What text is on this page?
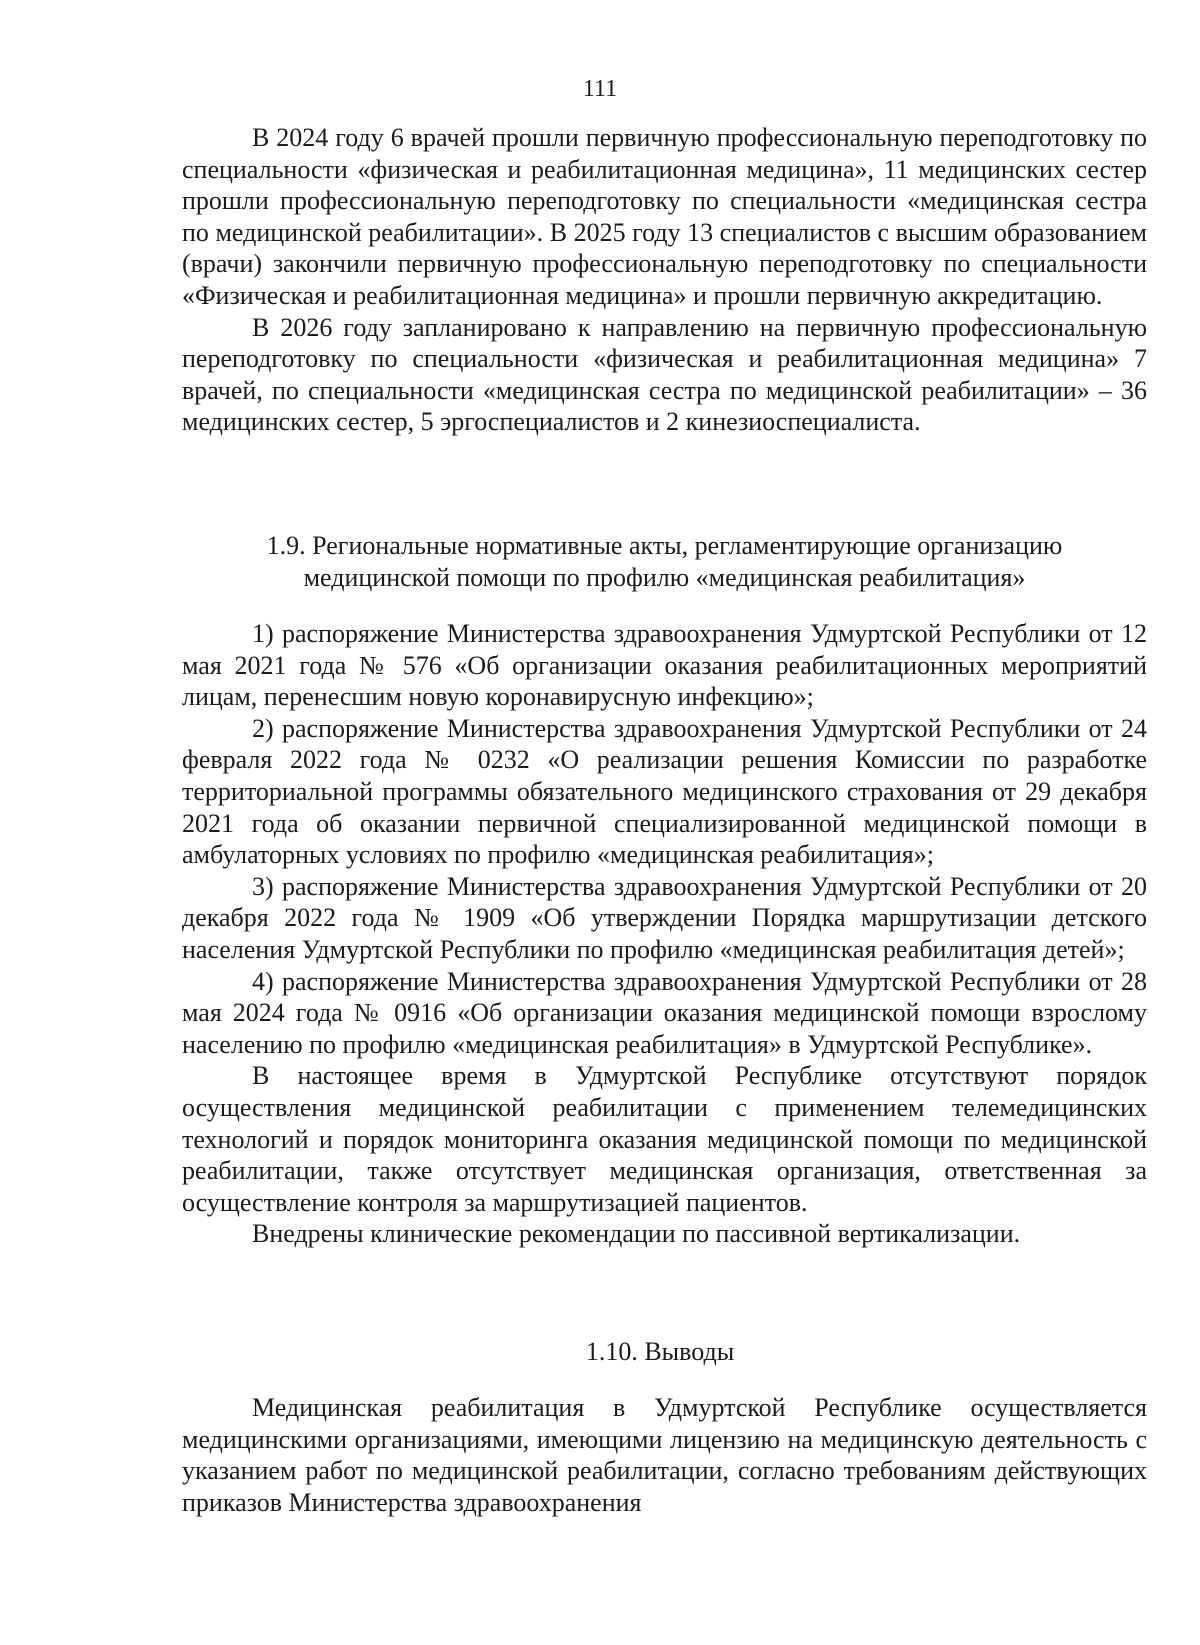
111

В 2024 году 6 врачей прошли первичную профессиональную переподготовку по специальности «физическая и реабилитационная медицина», 11 медицинских сестер прошли профессиональную переподготовку по специальности «медицинская сестра по медицинской реабилитации». В 2025 году 13 специалистов с высшим образованием (врачи) закончили первичную профессиональную переподготовку по специальности «Физическая и реабилитационная медицина» и прошли первичную аккредитацию.

В 2026 году запланировано к направлению на первичную профессиональную переподготовку по специальности «физическая и реабилитационная медицина» 7 врачей, по специальности «медицинская сестра по медицинской реабилитации» – 36 медицинских сестер, 5 эргоспециалистов и 2 кинезиоспециалиста.

1.9. Региональные нормативные акты, регламентирующие организацию
медицинской помощи по профилю «медицинская реабилитация»

1) распоряжение Министерства здравоохранения Удмуртской Республики от 12 мая 2021 года № 576 «Об организации оказания реабилитационных мероприятий лицам, перенесшим новую коронавирусную инфекцию»;

2) распоряжение Министерства здравоохранения Удмуртской Республики от 24 февраля 2022 года № 0232 «О реализации решения Комиссии по разработке территориальной программы обязательного медицинского страхования от 29 декабря 2021 года об оказании первичной специализированной медицинской помощи в амбулаторных условиях по профилю «медицинская реабилитация»;

3) распоряжение Министерства здравоохранения Удмуртской Республики от 20 декабря 2022 года № 1909 «Об утверждении Порядка маршрутизации детского населения Удмуртской Республики по профилю «медицинская реабилитация детей»;

4) распоряжение Министерства здравоохранения Удмуртской Республики от 28 мая 2024 года № 0916 «Об организации оказания медицинской помощи взрослому населению по профилю «медицинская реабилитация» в Удмуртской Республике».

В настоящее время в Удмуртской Республике отсутствуют порядок осуществления медицинской реабилитации с применением телемедицинских технологий и порядок мониторинга оказания медицинской помощи по медицинской реабилитации, также отсутствует медицинская организация, ответственная за осуществление контроля за маршрутизацией пациентов.

Внедрены клинические рекомендации по пассивной вертикализации.

1.10. Выводы

Медицинская реабилитация в Удмуртской Республике осуществляется медицинскими организациями, имеющими лицензию на медицинскую деятельность с указанием работ по медицинской реабилитации, согласно требованиям действующих приказов Министерства здравоохранения
